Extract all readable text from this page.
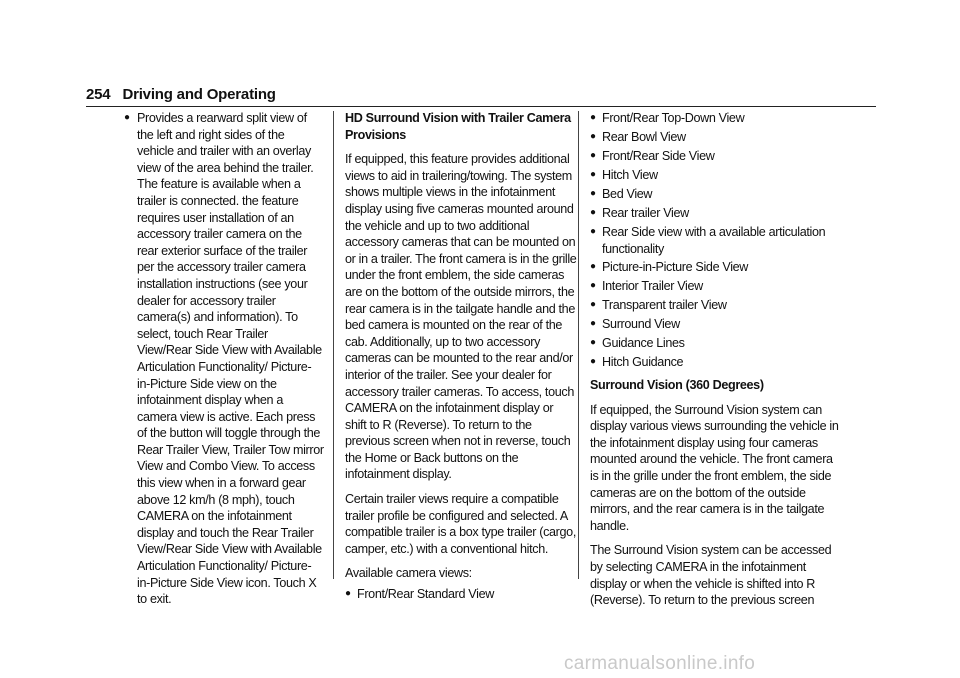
254 Driving and Operating
● Provides a rearward split view of the left and right sides of the vehicle and trailer with an overlay view of the area behind the trailer. The feature is available when a trailer is connected. the feature requires user installation of an accessory trailer camera on the rear exterior surface of the trailer per the accessory trailer camera installation instructions (see your dealer for accessory trailer camera(s) and information). To select, touch Rear Trailer View/Rear Side View with Available Articulation Functionality/ Picture-in-Picture Side view on the infotainment display when a camera view is active. Each press of the button will toggle through the Rear Trailer View, Trailer Tow mirror View and Combo View. To access this view when in a forward gear above 12 km/h (8 mph), touch CAMERA on the infotainment display and touch the Rear Trailer View/Rear Side View with Available Articulation Functionality/ Picture-in-Picture Side View icon. Touch X to exit.

HD Surround Vision with Trailer Camera Provisions

If equipped, this feature provides additional views to aid in trailering/towing. The system shows multiple views in the infotainment display using five cameras mounted around the vehicle and up to two additional accessory cameras that can be mounted on or in a trailer. The front camera is in the grille under the front emblem, the side cameras are on the bottom of the outside mirrors, the rear camera is in the tailgate handle and the bed camera is mounted on the rear of the cab. Additionally, up to two accessory cameras can be mounted to the rear and/or interior of the trailer. See your dealer for accessory trailer cameras. To access, touch CAMERA on the infotainment display or shift to R (Reverse). To return to the previous screen when not in reverse, touch the Home or Back buttons on the infotainment display.

Certain trailer views require a compatible trailer profile be configured and selected. A compatible trailer is a box type trailer (cargo, camper, etc.) with a conventional hitch.

Available camera views:

● Front/Rear Standard View
● Front/Rear Top-Down View
● Rear Bowl View
● Front/Rear Side View
● Hitch View
● Bed View
● Rear trailer View
● Rear Side view with a available articulation functionality
● Picture-in-Picture Side View
● Interior Trailer View
● Transparent trailer View
● Surround View
● Guidance Lines
● Hitch Guidance

Surround Vision (360 Degrees)

If equipped, the Surround Vision system can display various views surrounding the vehicle in the infotainment display using four cameras mounted around the vehicle. The front camera is in the grille under the front emblem, the side cameras are on the bottom of the outside mirrors, and the rear camera is in the tailgate handle.

The Surround Vision system can be accessed by selecting CAMERA in the infotainment display or when the vehicle is shifted into R (Reverse). To return to the previous screen

carmanualsonline.info
